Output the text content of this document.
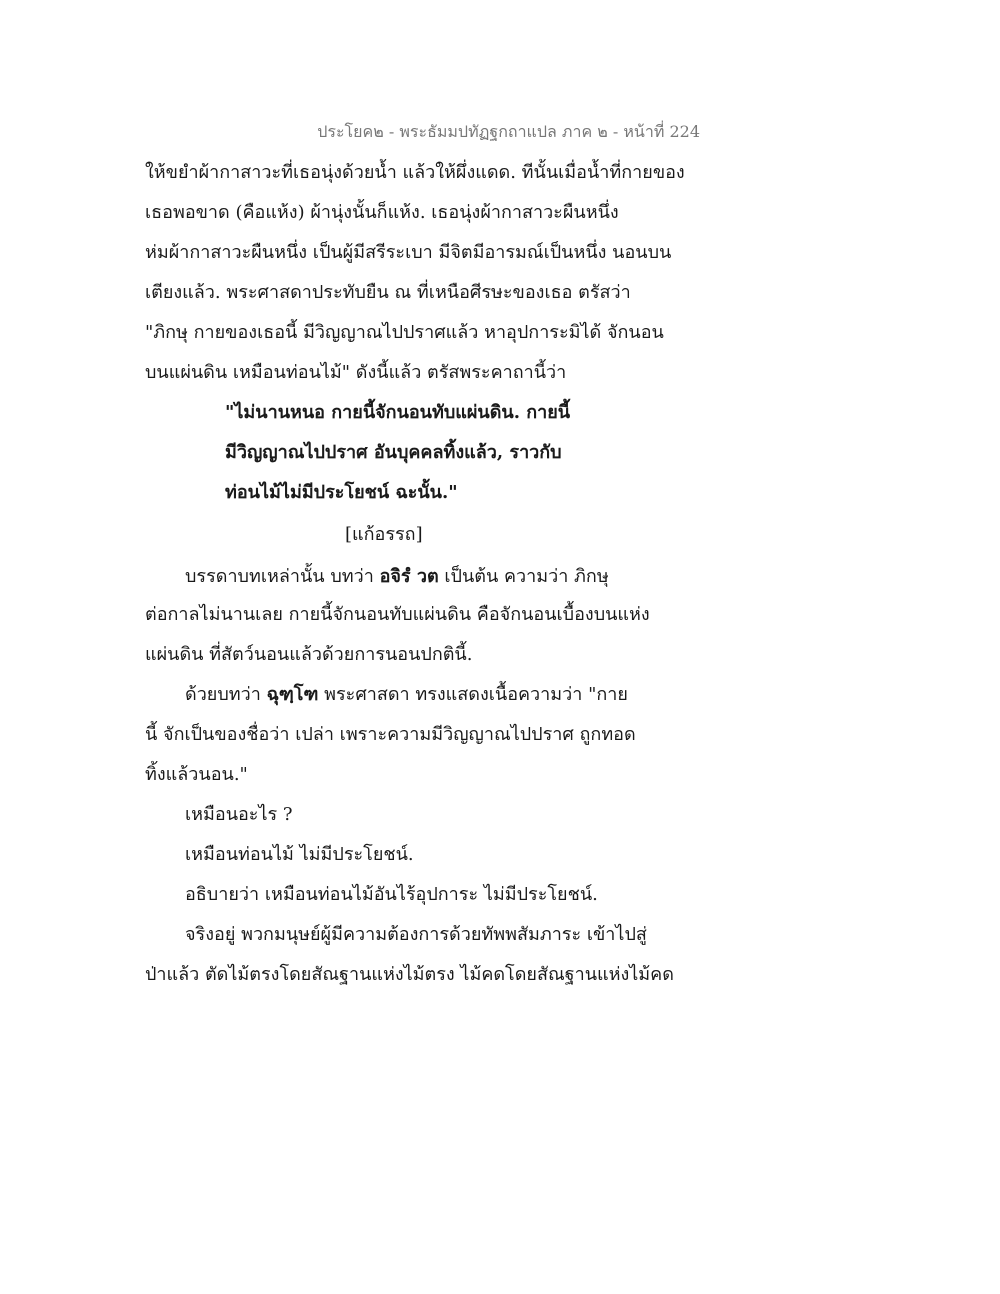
ประโยค๒ - พระธัมมปทัฏฐกถาแปล ภาค ๒ - หน้าที่ 224
ให้ขยำผ้ากาสาวะที่เธอนุ่งด้วยน้ำ แล้วให้ผึ่งแดด. ทีนั้นเมื่อน้ำที่กายของ
เธอพอขาด (คือแห้ง) ผ้านุ่งนั้นก็แห้ง. เธอนุ่งผ้ากาสาวะผืนหนึ่ง
ห่มผ้ากาสาวะผืนหนึ่ง เป็นผู้มีสรีระเบา มีจิตมีอารมณ์เป็นหนึ่ง นอนบน
เตียงแล้ว. พระศาสดาประทับยืน ณ ที่เหนือศีรษะของเธอ ตรัสว่า
"ภิกษุ กายของเธอนี้ มีวิญญาณไปปราศแล้ว หาอุปการะมิได้ จักนอน
บนแผ่นดิน เหมือนท่อนไม้" ดังนี้แล้ว ตรัสพระคาถานี้ว่า
"ไม่นานหนอ กายนี้จักนอนทับแผ่นดิน. กายนี้
มีวิญญาณไปปราศ อันบุคคลทิ้งแล้ว, ราวกับ
ท่อนไม้ไม่มีประโยชน์ ฉะนั้น."
[แก้อรรถ]
บรรดาบทเหล่านั้น บทว่า อจิรํ วต เป็นต้น ความว่า ภิกษุ
ต่อกาลไม่นานเลย กายนี้จักนอนทับแผ่นดิน คือจักนอนเบื้องบนแห่ง
แผ่นดิน ที่สัตว์นอนแล้วด้วยการนอนปกตินี้.
ด้วยบทว่า ฉุฑฺโฑ พระศาสดา ทรงแสดงเนื้อความว่า "กาย
นี้ จักเป็นของชื่อว่า เปล่า เพราะความมีวิญญาณไปปราศ ถูกทอด
ทิ้งแล้วนอน."
เหมือนอะไร ?
เหมือนท่อนไม้ ไม่มีประโยชน์.
อธิบายว่า เหมือนท่อนไม้อันไร้อุปการะ ไม่มีประโยชน์.
จริงอยู่ พวกมนุษย์ผู้มีความต้องการด้วยทัพพสัมภาระ เข้าไปสู่
ป่าแล้ว ตัดไม้ตรงโดยสัณฐานแห่งไม้ตรง ไม้คดโดยสัณฐานแห่งไม้คด
